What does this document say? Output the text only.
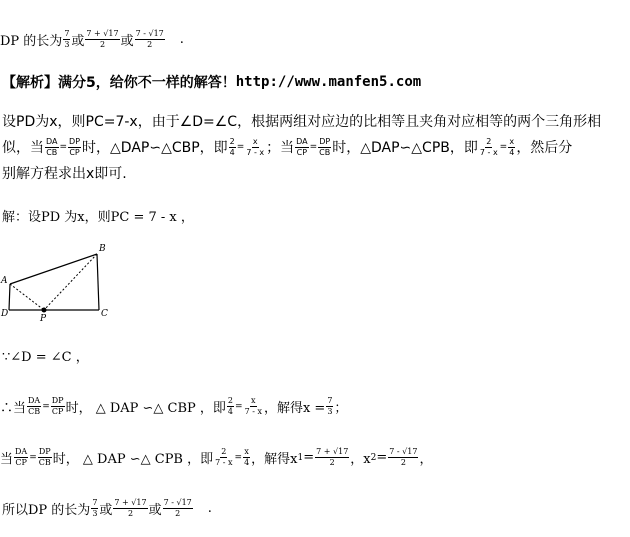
DP 的长为 $\frac{7}{3}$ 或 $\frac{7 + √17}{2}$ 或 $\frac{7 - √17}{2}$ .
【解析】 满分5，给你不一样的解答！ http://www.manfen5.com
设PD为x，则PC=7-x，由于∠D=∠C，根据两组对应边的比相等且夹角对应相等的两个三角形相
似，当 $\frac{DA}{CB} = \frac{DP}{CP}$ 时，△DAP∽△CBP，即 $\frac{2}{4} = \frac{x}{7 - x}$ ；当 $\frac{DA}{CP} = \frac{DP}{CB}$ 时，△DAP∽△CPB，即 $\frac{2}{7 - x} = \frac{x}{4}$ ，然后分
别解方程求出x即可.
解：设PD 为x，则PC = 7 - x ，
A
B
C
D	P
∵∠D = ∠C ，
∴当 $\frac{DA}{CB} = \frac{DP}{CP}$ 时， △ DAP ∽△ CBP ，即 $\frac{2}{4} = \frac{x}{7 - x}$ ，解得$x = \frac{7}{3}$ ；
当 $\frac{DA}{CP} = \frac{DP}{CB}$ 时， △ DAP ∽△ CPB ，即 $\frac{2}{7 - x} = \frac{x}{4}$ ，解得x $1 = \frac{7 + √17}{2}$ ，x $2 = \frac{7 - √17}{2}$ ，
所以DP 的长为 $\frac{7}{3}$ 或 $\frac{7 + √17}{2}$ 或 $\frac{7 - √17}{2}$ .
